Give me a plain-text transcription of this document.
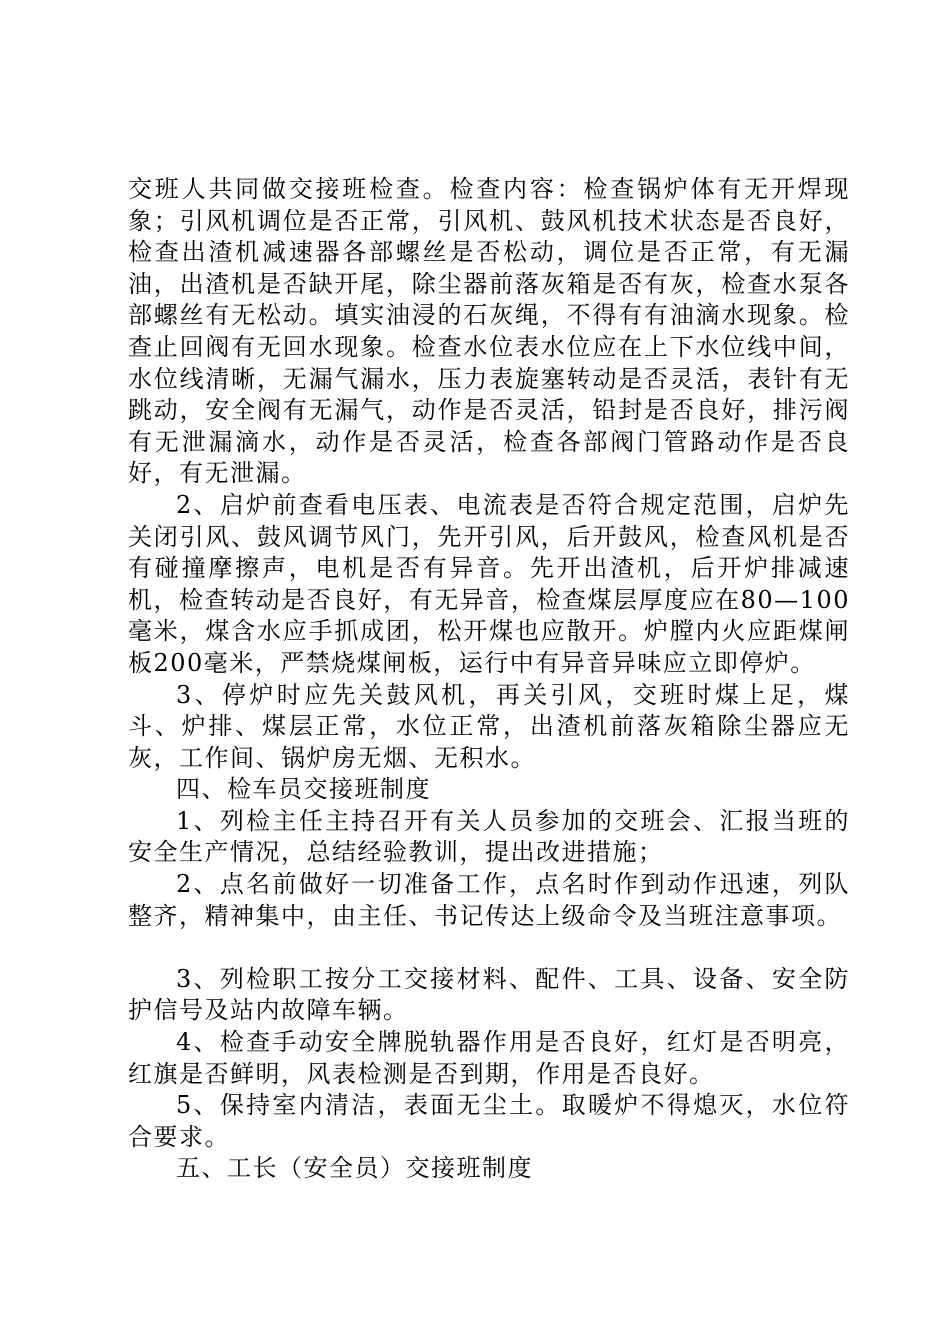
交班人共同做交接班检查。检查内容：检查锅炉体有无开焊现象；引风机调位是否正常，引风机、鼓风机技术状态是否良好，检查出渣机减速器各部螺丝是否松动，调位是否正常，有无漏油，出渣机是否缺开尾，除尘器前落灰箱是否有灰，检查水泵各部螺丝有无松动。填实油浸的石灰绳，不得有有油滴水现象。检查止回阀有无回水现象。检查水位表水位应在上下水位线中间，水位线清晰，无漏气漏水，压力表旋塞转动是否灵活，表针有无跳动，安全阀有无漏气，动作是否灵活，铅封是否良好，排污阀有无泄漏滴水，动作是否灵活，检查各部阀门管路动作是否良好，有无泄漏。

2、启炉前查看电压表、电流表是否符合规定范围，启炉先关闭引风、鼓风调节风门，先开引风，后开鼓风，检查风机是否有碰撞摩擦声，电机是否有异音。先开出渣机，后开炉排减速机，检查转动是否良好，有无异音，检查煤层厚度应在80—100毫米，煤含水应手抓成团，松开煤也应散开。炉膛内火应距煤闸板200毫米，严禁烧煤闸板，运行中有异音异味应立即停炉。

3、停炉时应先关鼓风机，再关引风，交班时煤上足，煤斗、炉排、煤层正常，水位正常，出渣机前落灰箱除尘器应无灰，工作间、锅炉房无烟、无积水。

四、检车员交接班制度

1、列检主任主持召开有关人员参加的交班会、汇报当班的安全生产情况，总结经验教训，提出改进措施；

2、点名前做好一切准备工作，点名时作到动作迅速，列队整齐，精神集中，由主任、书记传达上级命令及当班注意事项。

3、列检职工按分工交接材料、配件、工具、设备、安全防护信号及站内故障车辆。

4、检查手动安全牌脱轨器作用是否良好，红灯是否明亮，红旗是否鲜明，风表检测是否到期，作用是否良好。

5、保持室内清洁，表面无尘土。取暖炉不得熄灭，水位符合要求。

五、工长（安全员）交接班制度
